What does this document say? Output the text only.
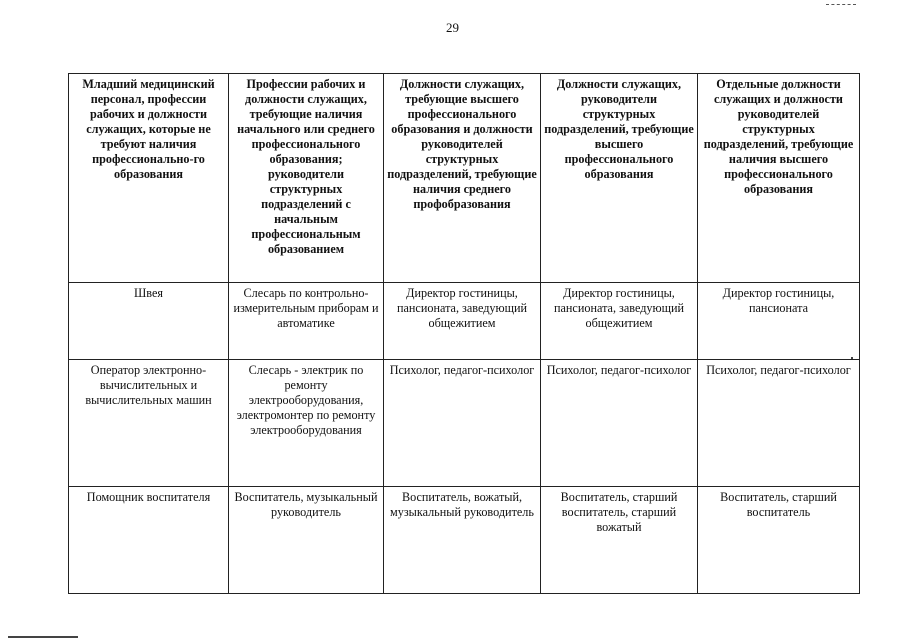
29
Младший медицинский персонал, профессии рабочих и должности служащих, которые не требуют наличия профессионально-го образования	Профессии рабочих и должности служащих, требующие наличия начального или среднего профессионального образования; руководители структурных подразделений с начальным профессиональным образованием	Должности служащих, требующие высшего профессионального образования и должности руководителей структурных подразделений, требующие наличия среднего профобразования	Должности служащих, руководители структурных подразделений, требующие высшего профессионального образования	Отдельные должности служащих и должности руководителей структурных подразделений, требующие наличия высшего профессионального образования
Швея	Слесарь по контрольно-измерительным приборам и автоматике	Директор гостиницы, пансионата, заведующий общежитием	Директор гостиницы, пансионата, заведующий общежитием	Директор гостиницы, пансионата
Оператор электронно-вычислительных и вычислительных машин	Слесарь - электрик по ремонту электрооборудования, электромонтер по ремонту электрооборудования	Психолог, педагог-психолог	Психолог, педагог-психолог	Психолог, педагог-психолог
Помощник воспитателя	Воспитатель, музыкальный руководитель	Воспитатель, вожатый, музыкальный руководитель	Воспитатель, старший воспитатель, старший вожатый	Воспитатель, старший воспитатель
